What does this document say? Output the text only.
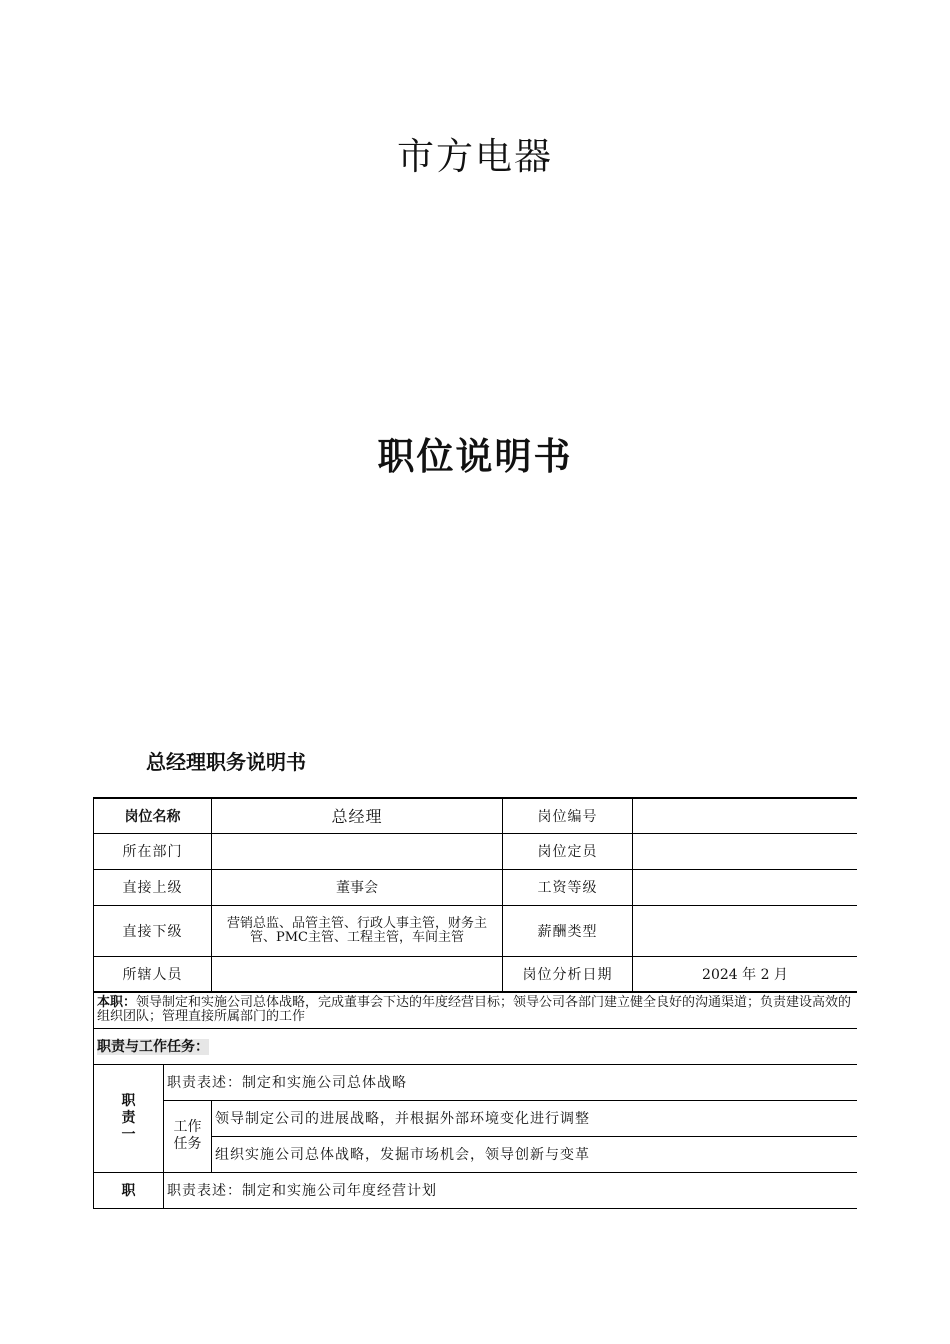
市方电器
职位说明书
总经理职务说明书
岗位名称		总经理	岗位编号	
所在部门			岗位定员	
直接上级		董事会	工资等级	
直接下级		营销总监、品管主管、行政人事主管，财务主管、PMC主管、工程主管，车间主管	薪酬类型	
所辖人员			岗位分析日期	2024 年 2 月
本职：领导制定和实施公司总体战略，完成董事会下达的年度经营目标；领导公司各部门建立健全良好的沟通渠道；负责建设高效的组织团队；管理直接所属部门的工作				
职责与工作任务：				

职
责
一	职责表述：制定和实施公司总体战略			

	工作
任务	领导制定公司的进展战略，并根据外部环境变化进行调整		
		组织实施公司总体战略，发掘市场机会，领导创新与变革		
职	职责表述：制定和实施公司年度经营计划			
